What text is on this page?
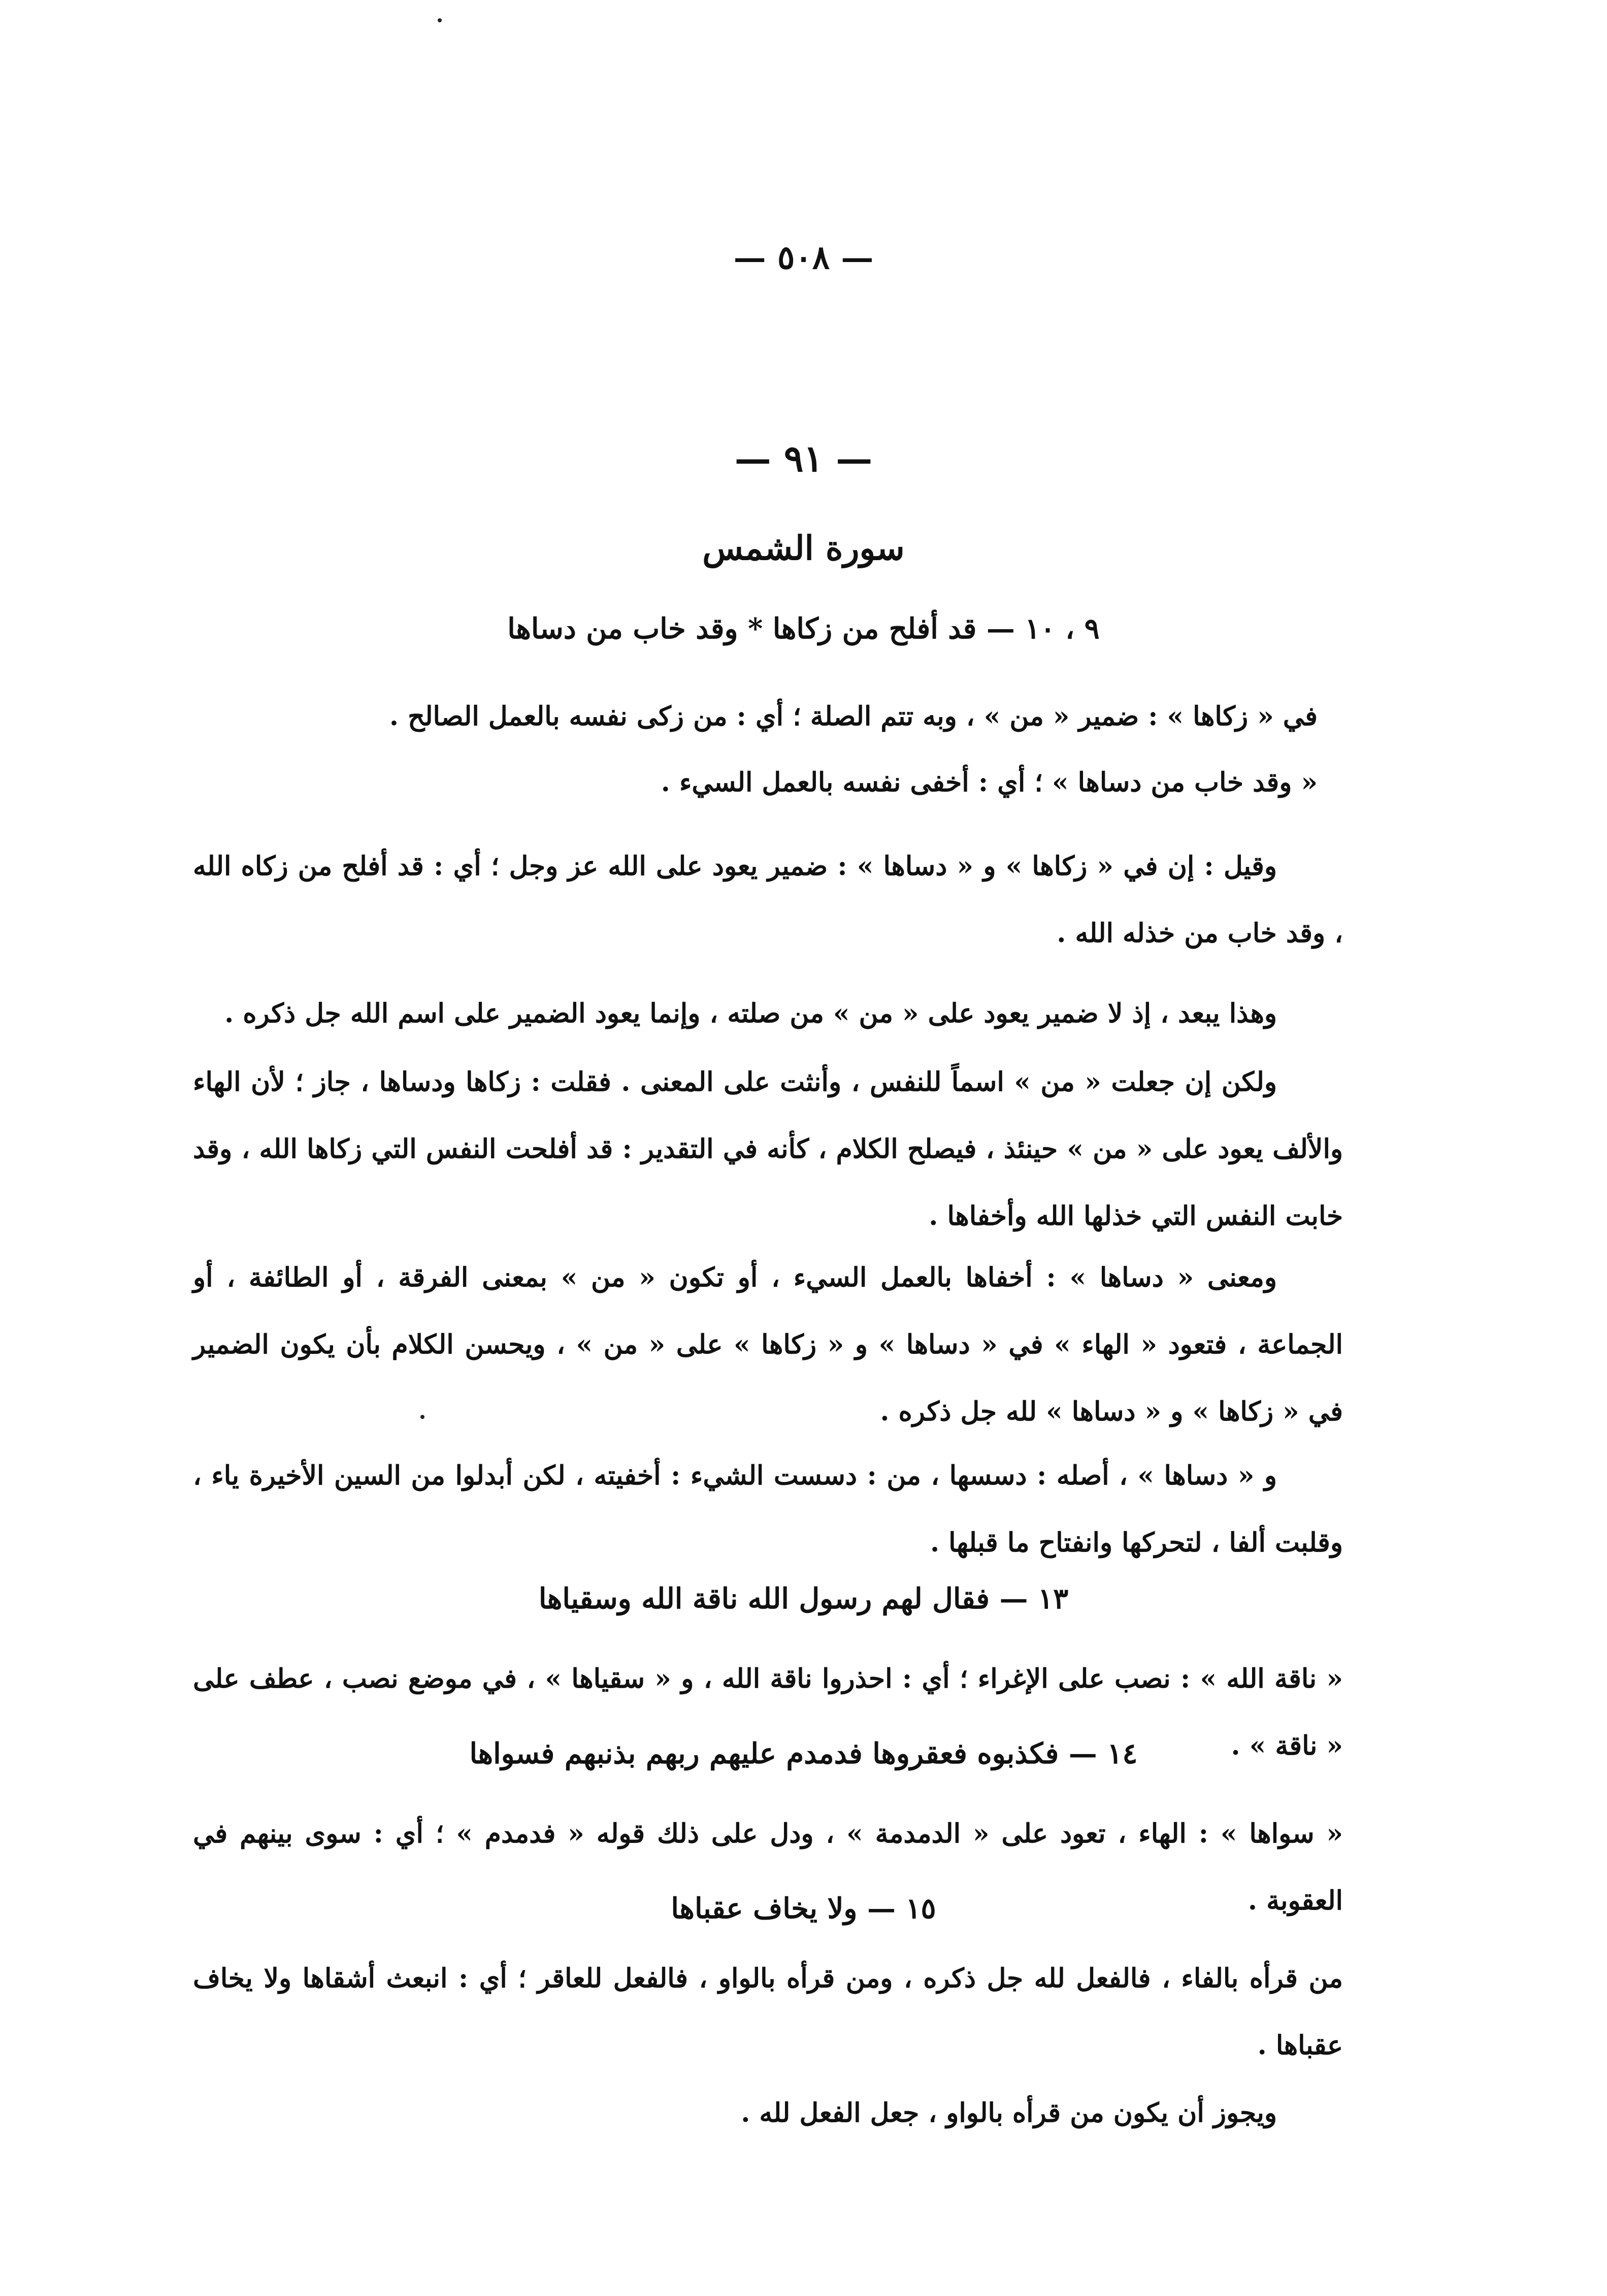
— ٥٠٨ —
— ٩١ —
سورة الشمس
٩ ، ١٠ — قد أفلح من زكاها * وقد خاب من دساها
في « زكاها » : ضمير « من » ، وبه تتم الصلة ؛ أي : من زكى نفسه بالعمل الصالح .
« وقد خاب من دساها » ؛ أي : أخفى نفسه بالعمل السيء .
وقيل : إن في « زكاها » و « دساها » : ضمير يعود على الله عز وجل ؛ أي : قد أفلح من زكاه الله ، وقد خاب من خذله الله .
وهذا يبعد ، إذ لا ضمير يعود على « من » من صلته ، وإنما يعود الضمير على اسم الله جل ذكره .
ولكن إن جعلت « من » اسماً للنفس ، وأنثت على المعنى . فقلت : زكاها ودساها ، جاز ؛ لأن الهاء والألف يعود على « من » حينئذ ، فيصلح الكلام ، كأنه في التقدير : قد أفلحت النفس التي زكاها الله ، وقد خابت النفس التي خذلها الله وأخفاها .
ومعنى « دساها » : أخفاها بالعمل السيء ، أو تكون « من » بمعنى الفرقة ، أو الطائفة ، أو الجماعة ، فتعود « الهاء » في « دساها » و « زكاها » على « من » ، ويحسن الكلام بأن يكون الضمير في « زكاها » و « دساها » لله جل ذكره .
و « دساها » ، أصله : دسسها ، من : دسست الشيء : أخفيته ، لكن أبدلوا من السين الأخيرة ياء ، وقلبت ألفا ، لتحركها وانفتاح ما قبلها .
١٣ — فقال لهم رسول الله ناقة الله وسقياها
« ناقة الله » : نصب على الإغراء ؛ أي : احذروا ناقة الله ، و « سقياها » ، في موضع نصب ، عطف على « ناقة » .
١٤ — فكذبوه فعقروها فدمدم عليهم ربهم بذنبهم فسواها
« سواها » : الهاء ، تعود على « الدمدمة » ، ودل على ذلك قوله « فدمدم » ؛ أي : سوى بينهم في العقوبة .
١٥ — ولا يخاف عقباها
من قرأه بالفاء ، فالفعل لله جل ذكره ، ومن قرأه بالواو ، فالفعل للعاقر ؛ أي : انبعث أشقاها ولا يخاف عقباها .
ويجوز أن يكون من قرأه بالواو ، جعل الفعل لله .
